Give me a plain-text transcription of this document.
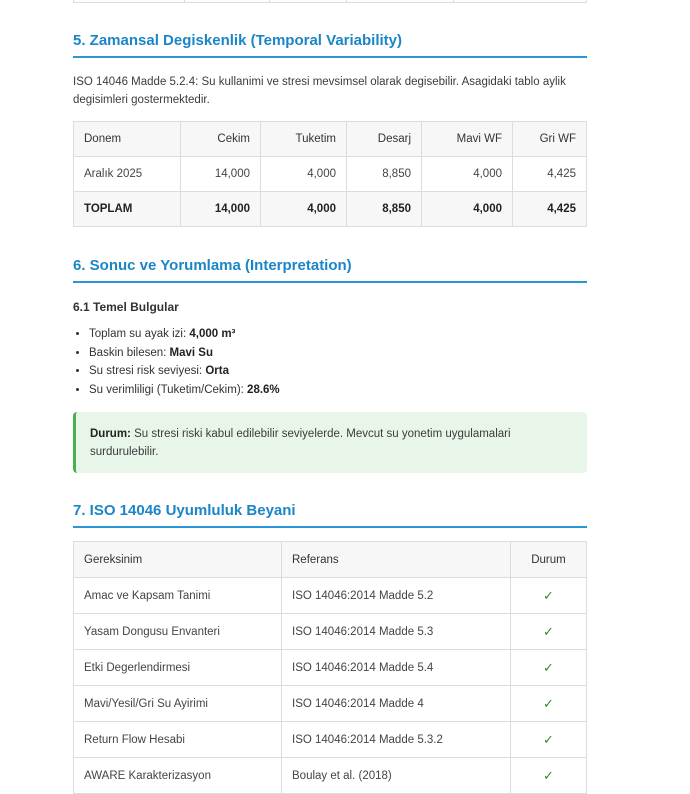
5. Zamansal Degiskenlik (Temporal Variability)
ISO 14046 Madde 5.2.4: Su kullanimi ve stresi mevsimsel olarak degisebilir. Asagidaki tablo aylik degisimleri gostermektedir.
Donem	Cekim	Tuketim	Desarj	Mavi WF	Gri WF
Aralık 2025	14,000	4,000	8,850	4,000	4,425
TOPLAM	14,000	4,000	8,850	4,000	4,425
6. Sonuc ve Yorumlama (Interpretation)
6.1 Temel Bulgular
• Toplam su ayak izi: 4,000 m³
• Baskin bilesen: Mavi Su
• Su stresi risk seviyesi: Orta
• Su verimliligi (Tuketim/Cekim): 28.6%
Durum: Su stresi riski kabul edilebilir seviyelerde. Mevcut su yonetim uygulamalari surdurulebilir.
7. ISO 14046 Uyumluluk Beyani
Gereksinim	Referans	Durum
Amac ve Kapsam Tanimi	ISO 14046:2014 Madde 5.2	✓
Yasam Dongusu Envanteri	ISO 14046:2014 Madde 5.3	✓
Etki Degerlendirmesi	ISO 14046:2014 Madde 5.4	✓
Mavi/Yesil/Gri Su Ayirimi	ISO 14046:2014 Madde 4	✓
Return Flow Hesabi	ISO 14046:2014 Madde 5.3.2	✓
AWARE Karakterizasyon	Boulay et al. (2018)	✓
